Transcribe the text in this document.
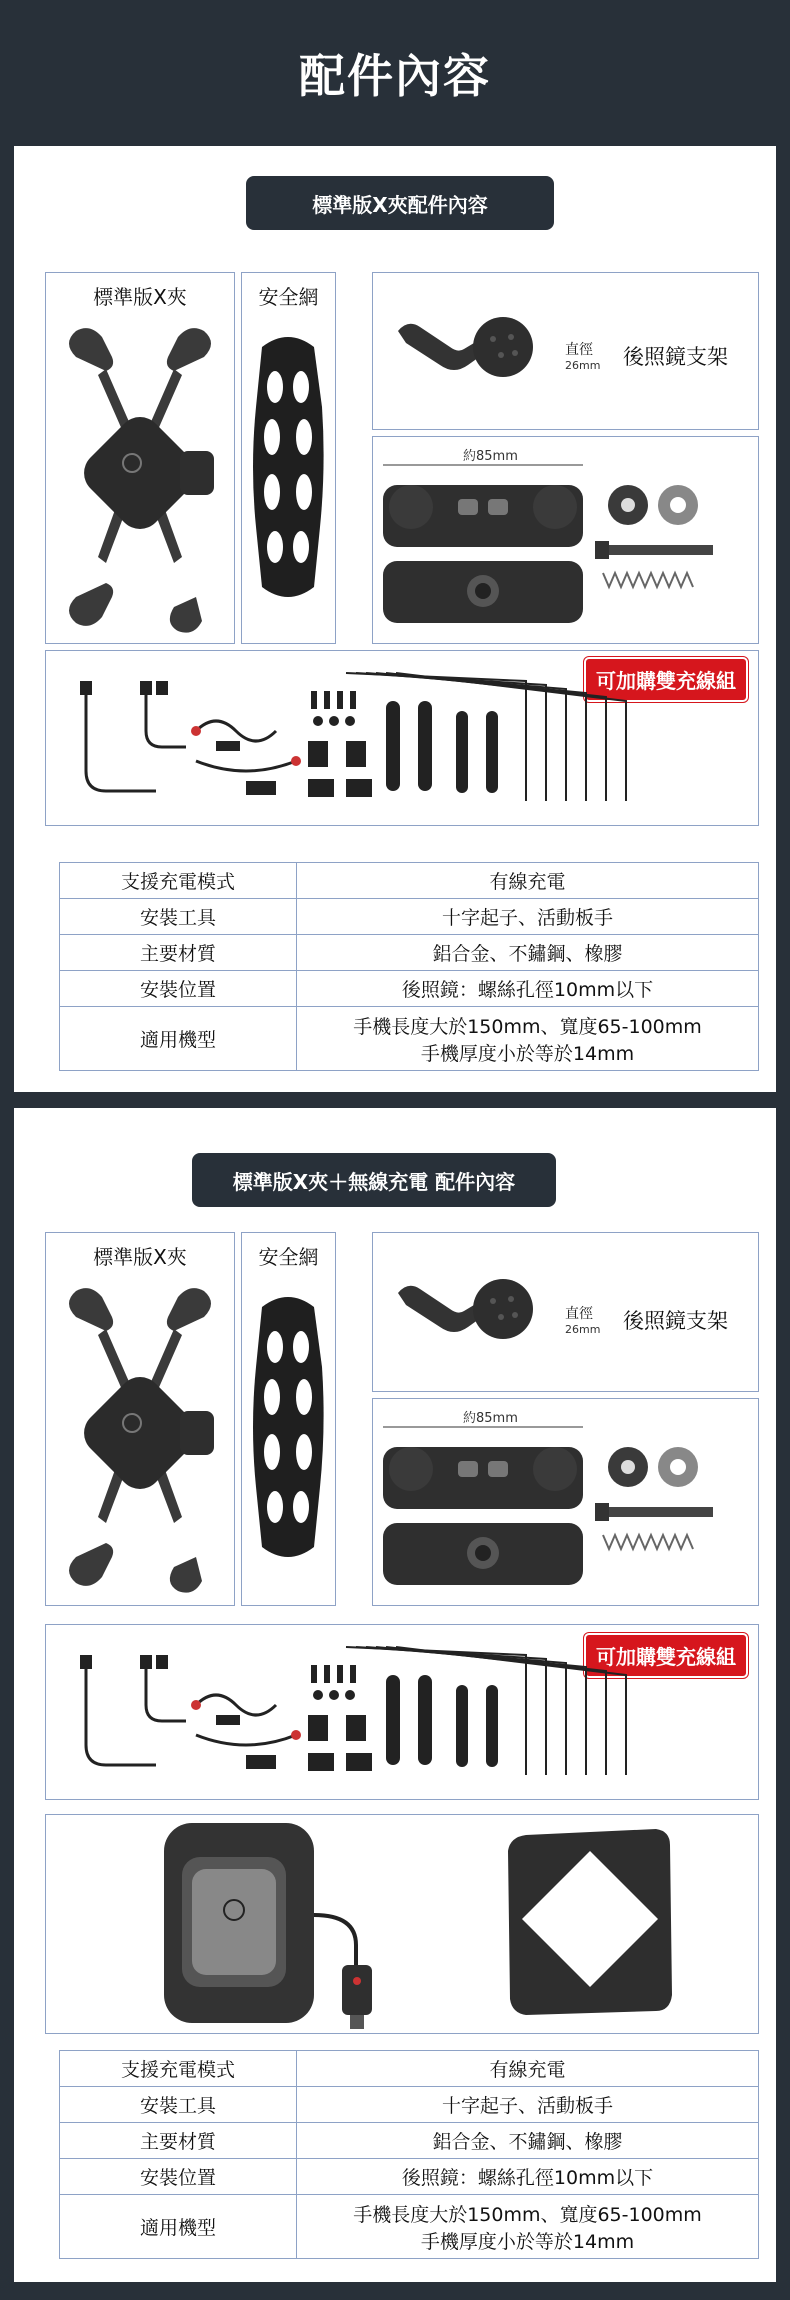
配件內容
標準版X夾配件內容
標準版X夾	安全網
直徑
26mm 後照鏡支架
約85mm
可加購雙充線組
支援充電模式	有線充電
安裝工具	十字起子、活動板手
主要材質	鋁合金、不鏽鋼、橡膠
安裝位置	後照鏡：螺絲孔徑10mm以下
適用機型	手機長度大於150mm、寬度65-100mm
手機厚度小於等於14mm
標準版X夾＋無線充電 配件內容
標準版X夾	安全網
直徑
26mm 後照鏡支架
約85mm
可加購雙充線組
支援充電模式	有線充電
安裝工具	十字起子、活動板手
主要材質	鋁合金、不鏽鋼、橡膠
安裝位置	後照鏡：螺絲孔徑10mm以下
適用機型	手機長度大於150mm、寬度65-100mm
手機厚度小於等於14mm
